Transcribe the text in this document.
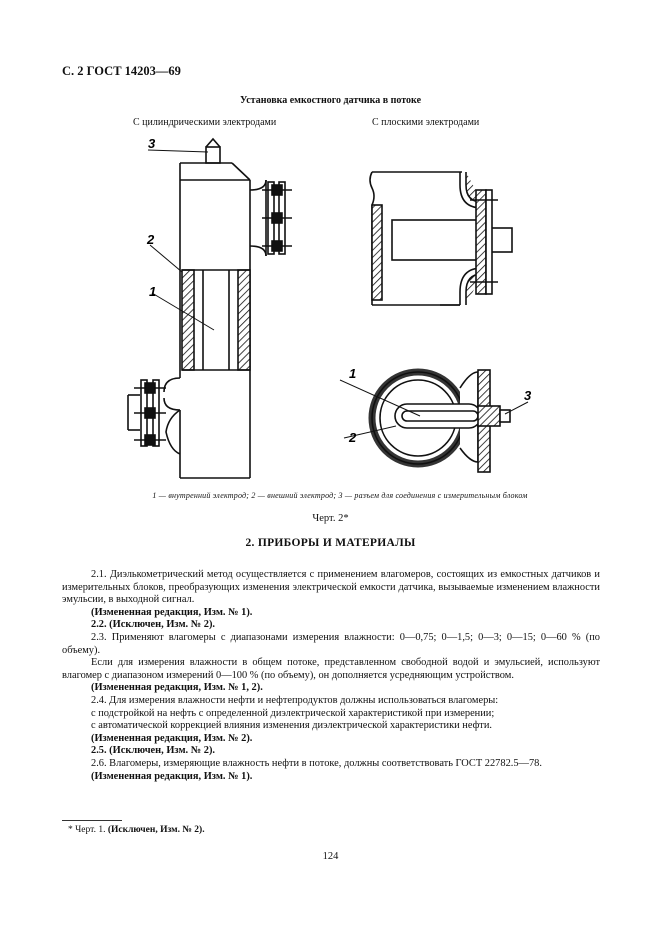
С. 2 ГОСТ 14203—69
Установка емкостного датчика в потоке
С цилиндрическими электродами	С плоскими электродами
3
2
1
1
2
3
1 — внутренний электрод; 2 — внешний электрод; 3 — разъем для соединения с измерительным блоком
Черт. 2*
2. ПРИБОРЫ И МАТЕРИАЛЫ

2.1. Диэлькометрический метод осуществляется с применением влагомеров, состоящих из емкостных датчиков и измерительных блоков, преобразующих изменения электрической емкости датчика, вызываемые изменением влажности эмульсии, в выходной сигнал.

(Измененная редакция, Изм. № 1).

2.2. (Исключен, Изм. № 2).

2.3. Применяют влагомеры с диапазонами измерения влажности: 0—0,75; 0—1,5; 0—3; 0—15; 0—60 % (по объему).

Если для измерения влажности в общем потоке, представленном свободной водой и эмульсией, используют влагомер с диапазоном измерений 0—100 % (по объему), он дополняется усредняющим устройством.

(Измененная редакция, Изм. № 1, 2).

2.4. Для измерения влажности нефти и нефтепродуктов должны использоваться влагомеры:

с подстройкой на нефть с определенной диэлектрической характеристикой при измерении;

с автоматической коррекцией влияния изменения диэлектрической характеристики нефти.

(Измененная редакция, Изм. № 2).

2.5. (Исключен, Изм. № 2).

2.6. Влагомеры, измеряющие влажность нефти в потоке, должны соответствовать ГОСТ 22782.5—78.

(Измененная редакция, Изм. № 1).

* Черт. 1. (Исключен, Изм. № 2).
124
